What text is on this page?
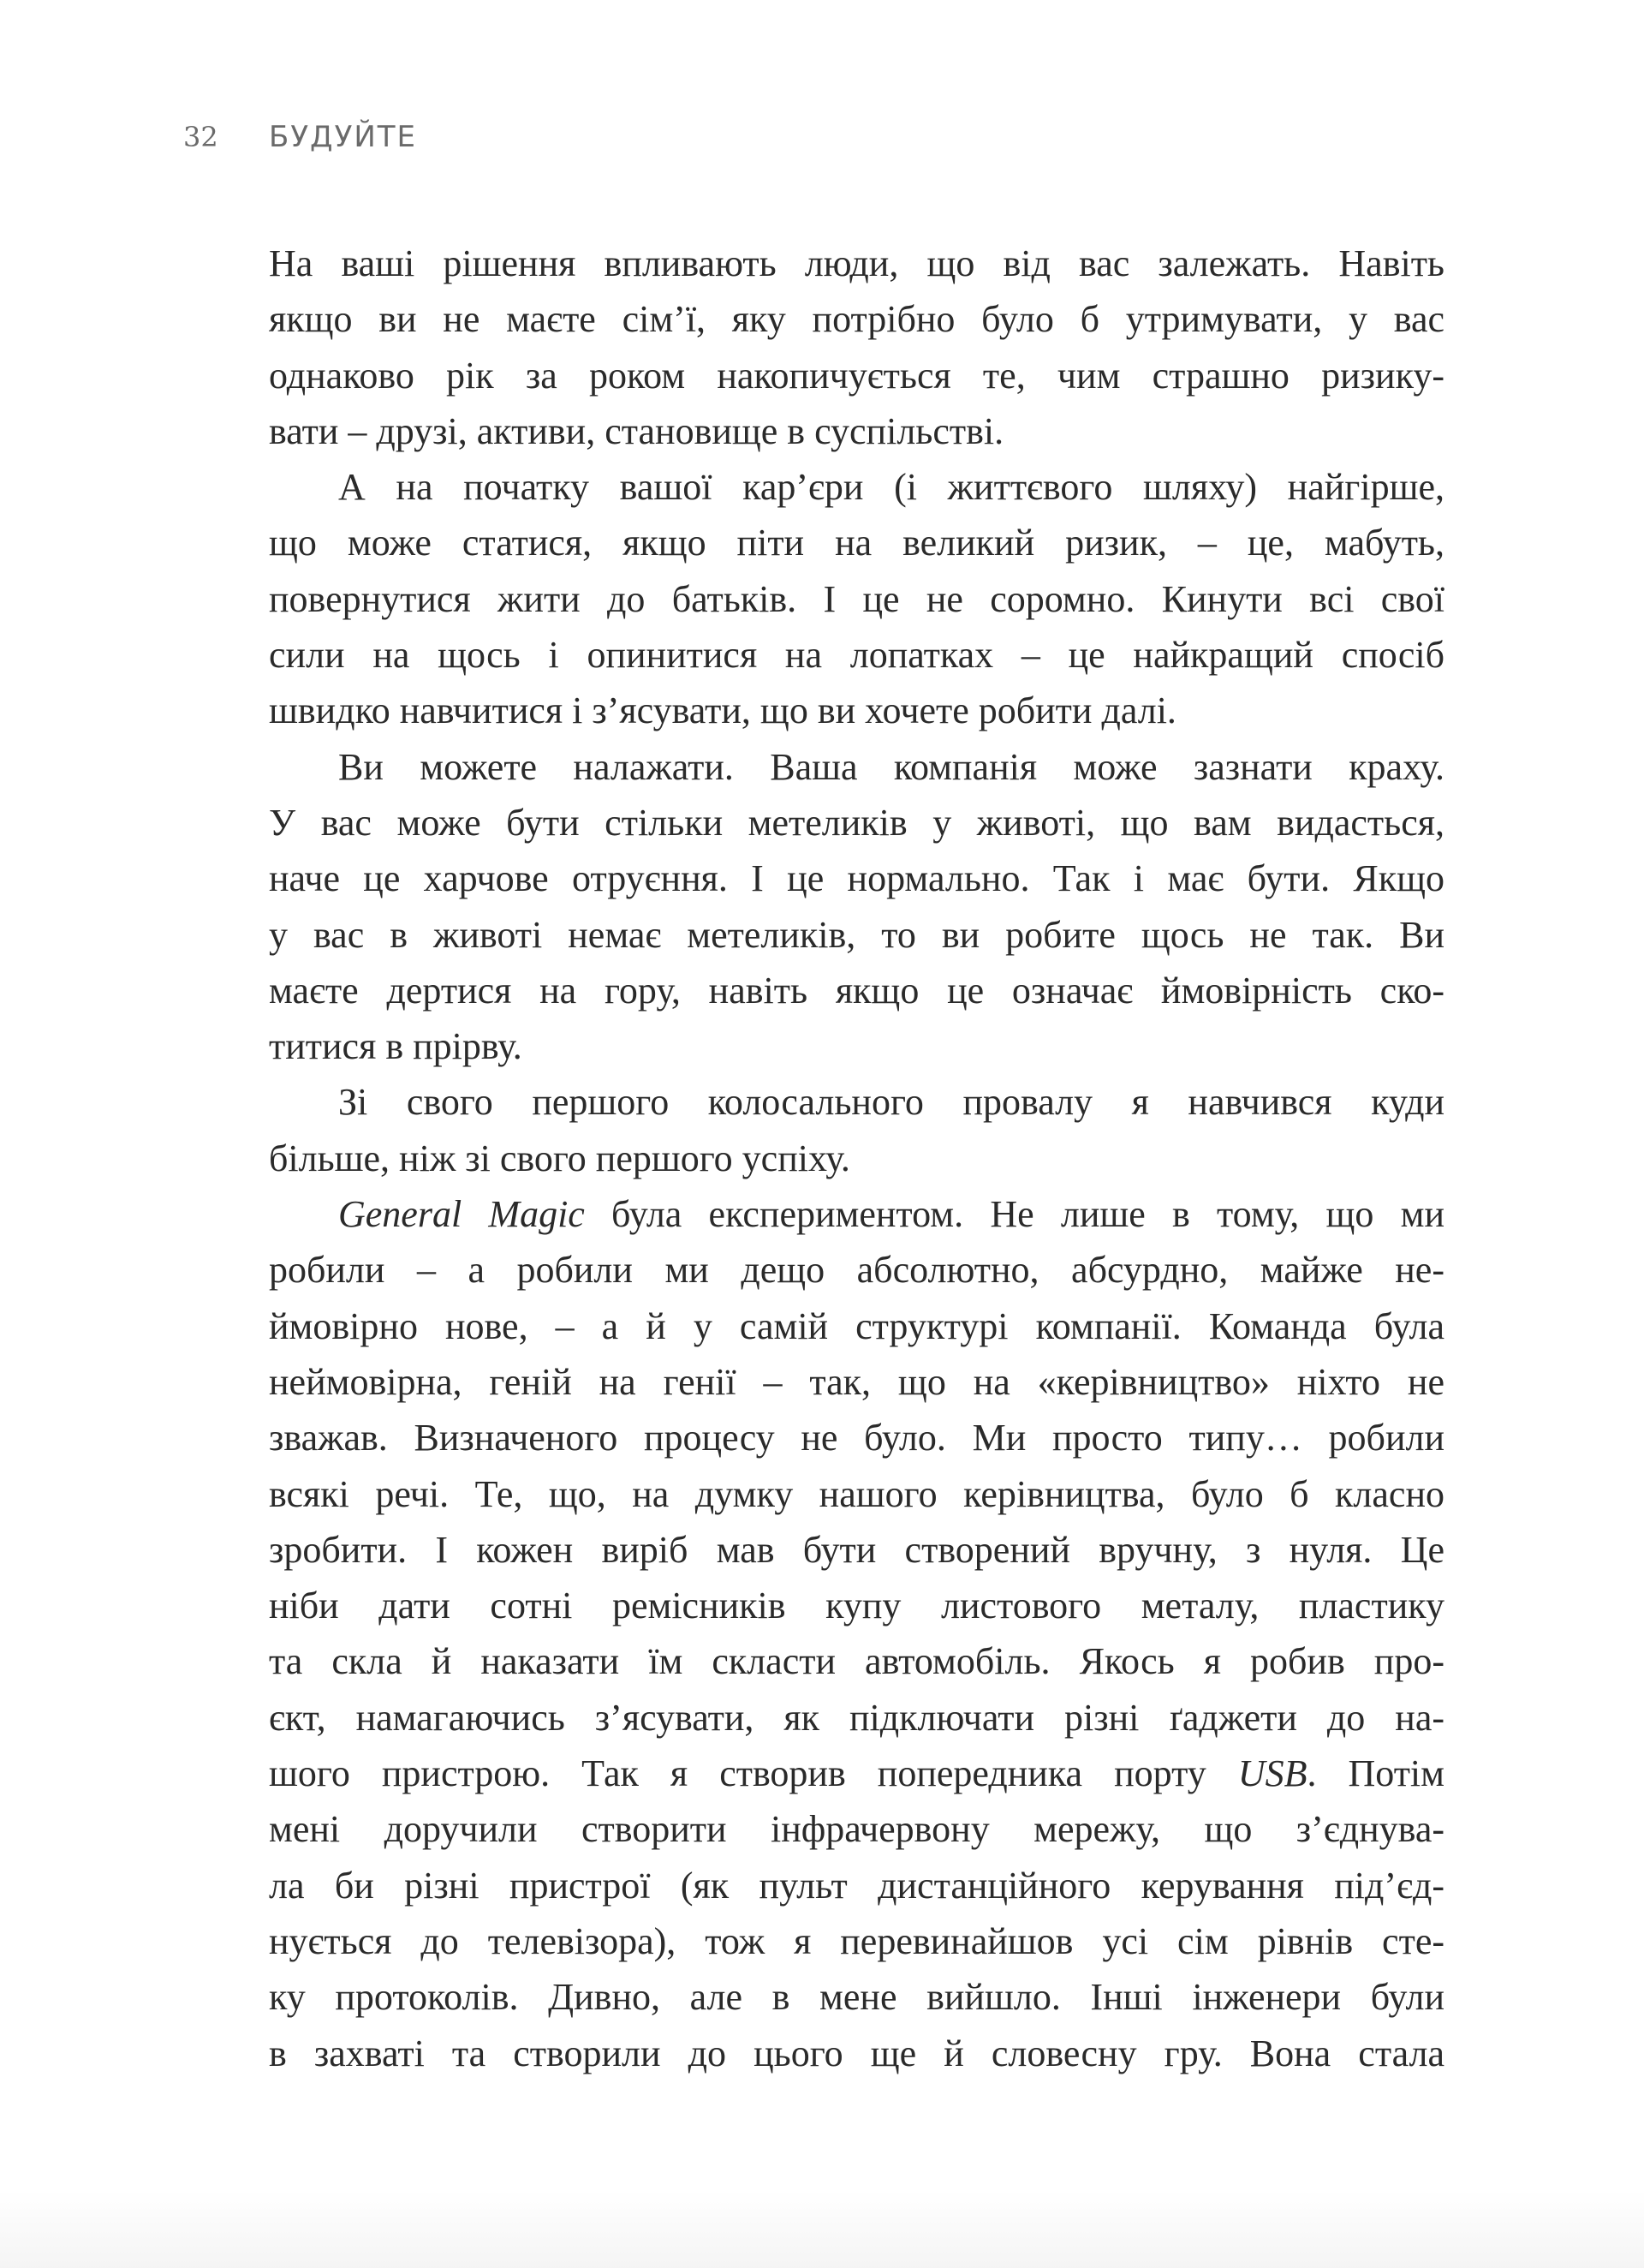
32 БУДУЙТЕ
На ваші рішення впливають люди, що від вас залежать. Навіть
якщо ви не маєте сім’ї, яку потрібно було б утримувати, у вас
однаково рік за роком накопичується те, чим страшно ризику-
вати – друзі, активи, становище в суспільстві.
А на початку вашої кар’єри (і життєвого шляху) найгірше,
що може статися, якщо піти на великий ризик, – це, мабуть,
повернутися жити до батьків. І це не соромно. Кинути всі свої
сили на щось і опинитися на лопатках – це найкращий спосіб
швидко навчитися і з’ясувати, що ви хочете робити далі.
Ви можете налажати. Ваша компанія може зазнати краху.
У вас може бути стільки метеликів у животі, що вам видасться,
наче це харчове отруєння. І це нормально. Так і має бути. Якщо
у вас в животі немає метеликів, то ви робите щось не так. Ви
маєте дертися на гору, навіть якщо це означає ймовірність ско-
титися в прірву.
Зі свого першого колосального провалу я навчився куди
більше, ніж зі свого першого успіху.
General Magic була експериментом. Не лише в тому, що ми
робили – а робили ми дещо абсолютно, абсурдно, майже не-
ймовірно нове, – а й у самій структурі компанії. Команда була
неймовірна, геній на генії – так, що на «керівництво» ніхто не
зважав. Визначеного процесу не було. Ми просто типу… робили
всякі речі. Те, що, на думку нашого керівництва, було б класно
зробити. І кожен виріб мав бути створений вручну, з нуля. Це
ніби дати сотні ремісників купу листового металу, пластику
та скла й наказати їм скласти автомобіль. Якось я робив про-
єкт, намагаючись з’ясувати, як підключати різні ґаджети до на-
шого пристрою. Так я створив попередника порту USB. Потім
мені доручили створити інфрачервону мережу, що з’єднува-
ла би різні пристрої (як пульт дистанційного керування під’єд-
нується до телевізора), тож я перевинайшов усі сім рівнів сте-
ку протоколів. Дивно, але в мене вийшло. Інші інженери були
в захваті та створили до цього ще й словесну гру. Вона стала
